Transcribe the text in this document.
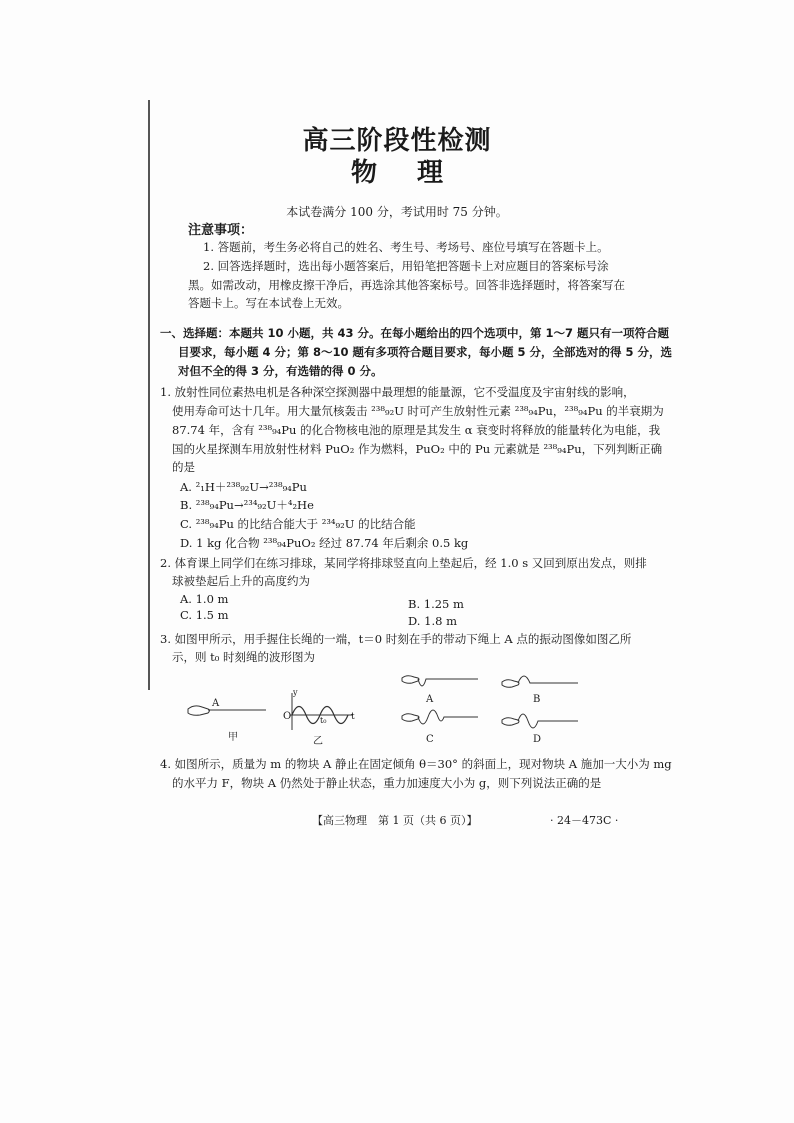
高三阶段性检测
物理
本试卷满分 100 分，考试用时 75 分钟。
注意事项：
1. 答题前，考生务必将自己的姓名、考生号、考场号、座位号填写在答题卡上。
2. 回答选择题时，选出每小题答案后，用铅笔把答题卡上对应题目的答案标号涂
黑。如需改动，用橡皮擦干净后，再选涂其他答案标号。回答非选择题时，将答案写在
答题卡上。写在本试卷上无效。
一、选择题：本题共 10 小题，共 43 分。在每小题给出的四个选项中，第 1～7 题只有一项符合题
目要求，每小题 4 分；第 8～10 题有多项符合题目要求，每小题 5 分，全部选对的得 5 分，选
对但不全的得 3 分，有选错的得 0 分。
1. 放射性同位素热电机是各种深空探测器中最理想的能量源，它不受温度及宇宙射线的影响，
使用寿命可达十几年。用大量氘核轰击 ²³⁸₉₂U 时可产生放射性元素 ²³⁸₉₄Pu，²³⁸₉₄Pu 的半衰期为
87.74 年，含有 ²³⁸₉₄Pu 的化合物核电池的原理是其发生 α 衰变时将释放的能量转化为电能，我
国的火星探测车用放射性材料 PuO₂ 作为燃料，PuO₂ 中的 Pu 元素就是 ²³⁸₉₄Pu，下列判断正确
的是
A. ²₁H＋²³⁸₉₂U→²³⁸₉₄Pu
B. ²³⁸₉₄Pu→²³⁴₉₂U＋⁴₂He
C. ²³⁸₉₄Pu 的比结合能大于 ²³⁴₉₂U 的比结合能
D. 1 kg 化合物 ²³⁸₉₄PuO₂ 经过 87.74 年后剩余 0.5 kg
2. 体育课上同学们在练习排球，某同学将排球竖直向上垫起后，经 1.0 s 又回到原出发点，则排
球被垫起后上升的高度约为
A. 1.0 m	B. 1.25 m
C. 1.5 m	D. 1.8 m
3. 如图甲所示，用手握住长绳的一端，t＝0 时刻在手的带动下绳上 A 点的振动图像如图乙所
示，则 t₀ 时刻绳的波形图为
A
甲
y
O	t₀	t
乙
A	B
C	D
4. 如图所示，质量为 m 的物块 A 静止在固定倾角 θ＝30° 的斜面上，现对物块 A 施加一大小为 mg
的水平力 F，物块 A 仍然处于静止状态，重力加速度大小为 g，则下列说法正确的是
【高三物理　第 1 页（共 6 页）】	· 24－473C ·
